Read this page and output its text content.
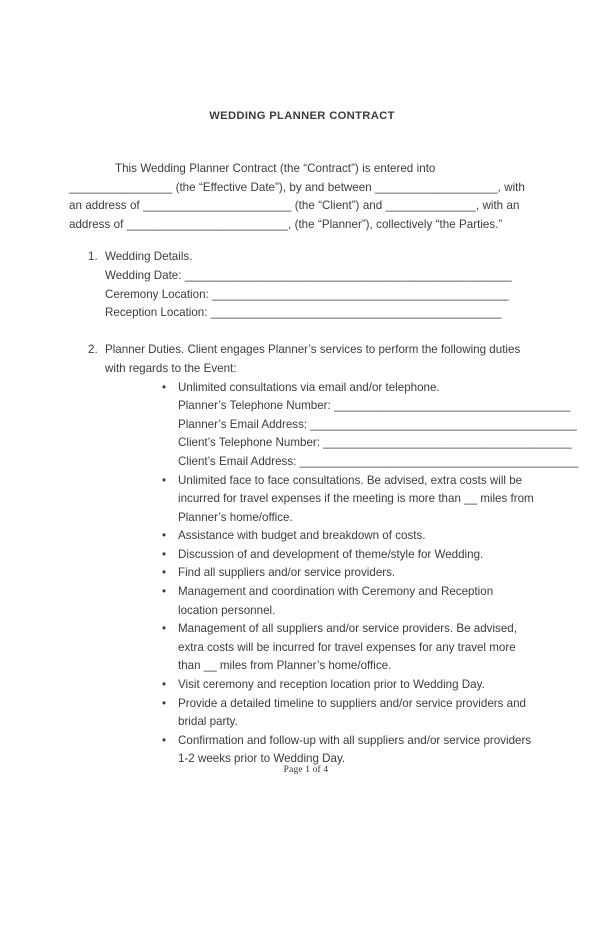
WEDDING PLANNER CONTRACT

This Wedding Planner Contract (the “Contract”) is entered into ________________ (the “Effective Date”), by and between ___________________, with an address of _______________________ (the “Client”) and ______________, with an address of _________________________, (the “Planner”), collectively “the Parties.”

1. Wedding Details.
Wedding Date: ______________________________________________________
Ceremony Location: _________________________________________________
Reception Location: ________________________________________________
2. Planner Duties. Client engages Planner’s services to perform the following duties with regards to the Event:
• Unlimited consultations via email and/or telephone.
Planner’s Telephone Number: _______________________________________
Planner’s Email Address: ____________________________________________
Client’s Telephone Number: _________________________________________
Client’s Email Address: ______________________________________________
• Unlimited face to face consultations. Be advised, extra costs will be incurred for travel expenses if the meeting is more than __ miles from Planner’s home/office.
• Assistance with budget and breakdown of costs.
• Discussion of and development of theme/style for Wedding.
• Find all suppliers and/or service providers.
• Management and coordination with Ceremony and Reception location personnel.
• Management of all suppliers and/or service providers. Be advised, extra costs will be incurred for travel expenses for any travel more than __ miles from Planner’s home/office.
• Visit ceremony and reception location prior to Wedding Day.
• Provide a detailed timeline to suppliers and/or service providers and bridal party.
• Confirmation and follow-up with all suppliers and/or service providers 1-2 weeks prior to Wedding Day.
Page 1 of 4
